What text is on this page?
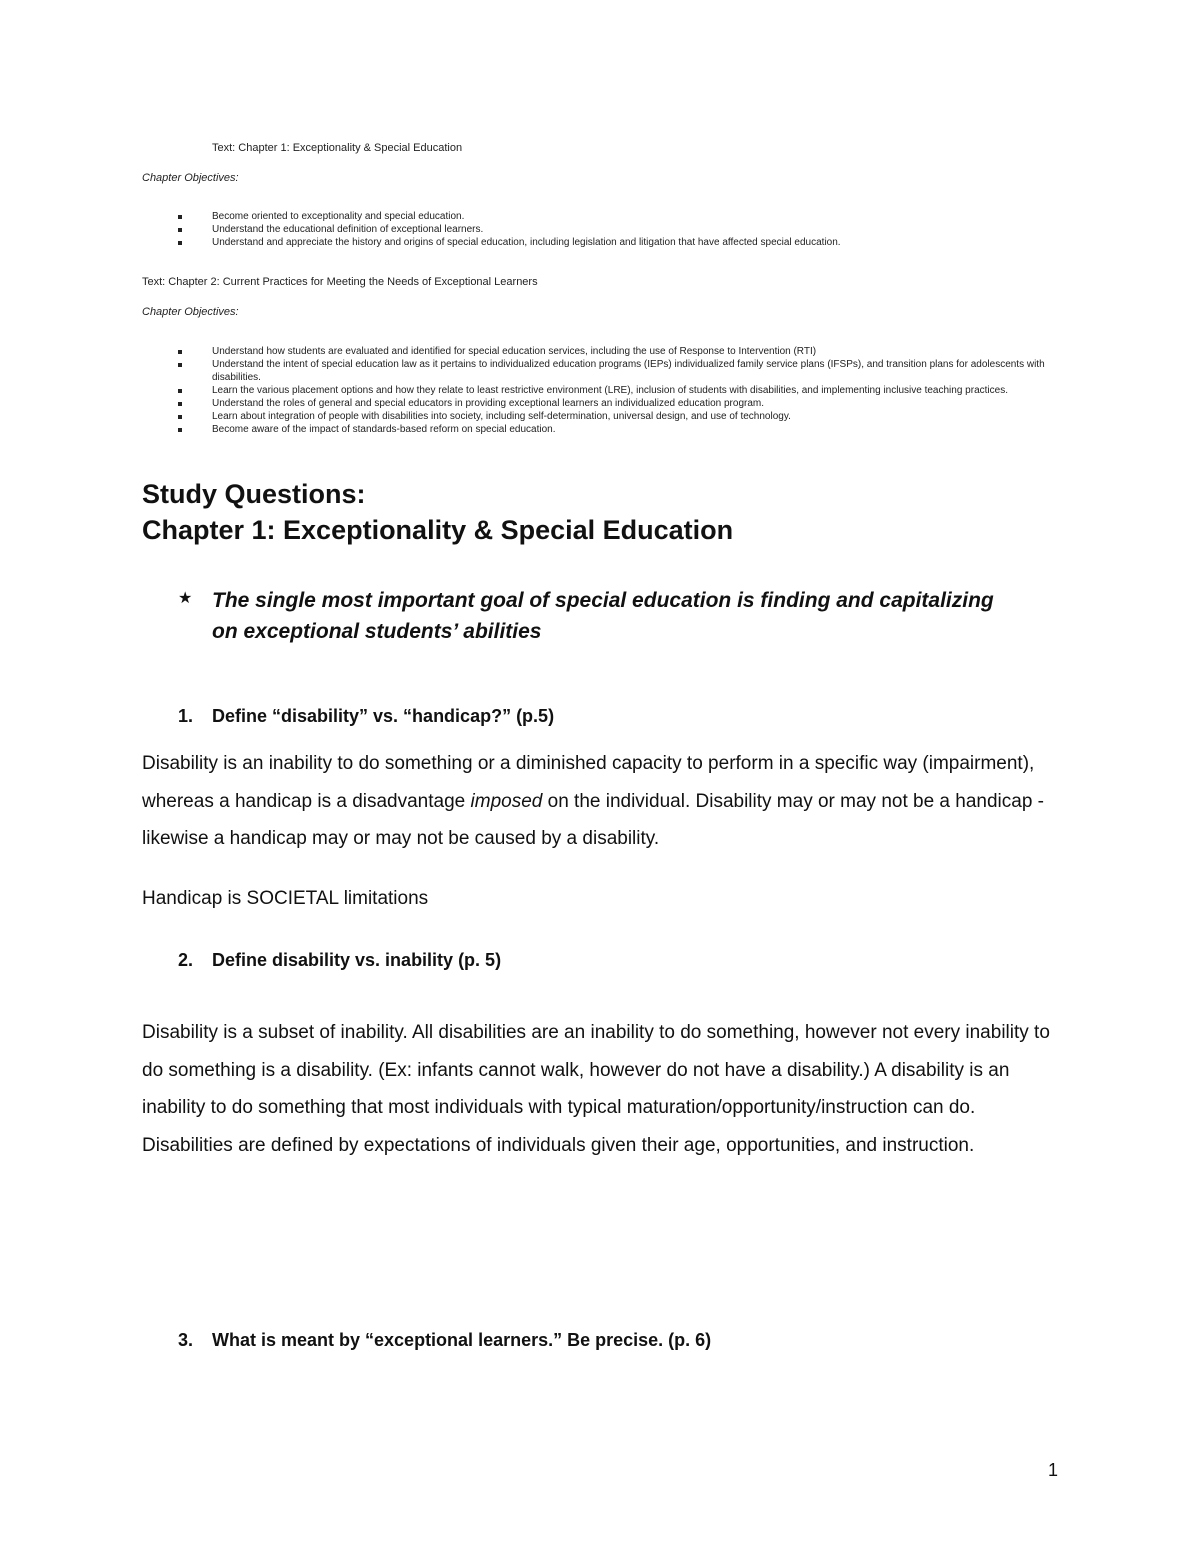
Text: Chapter 1: Exceptionality & Special Education
Chapter Objectives:
Become oriented to exceptionality and special education.
Understand the educational definition of exceptional learners.
Understand and appreciate the history and origins of special education, including legislation and litigation that have affected special education.
Text: Chapter 2: Current Practices for Meeting the Needs of Exceptional Learners
Chapter Objectives:
Understand how students are evaluated and identified for special education services, including the use of Response to Intervention (RTI)
Understand the intent of special education law as it pertains to individualized education programs (IEPs) individualized family service plans (IFSPs), and transition plans for adolescents with disabilities.
Learn the various placement options and how they relate to least restrictive environment (LRE), inclusion of students with disabilities, and implementing inclusive teaching practices.
Understand the roles of general and special educators in providing exceptional learners an individualized education program.
Learn about integration of people with disabilities into society, including self-determination, universal design, and use of technology.
Become aware of the impact of standards-based reform on special education.
Study Questions:
Chapter 1: Exceptionality & Special Education
★ The single most important goal of special education is finding and capitalizing on exceptional students’ abilities
1. Define “disability” vs. “handicap?” (p.5)
Disability is an inability to do something or a diminished capacity to perform in a specific way (impairment), whereas a handicap is a disadvantage imposed on the individual. Disability may or may not be a handicap - likewise a handicap may or may not be caused by a disability.
Handicap is SOCIETAL limitations
2. Define disability vs. inability (p. 5)
Disability is a subset of inability. All disabilities are an inability to do something, however not every inability to do something is a disability. (Ex: infants cannot walk, however do not have a disability.) A disability is an inability to do something that most individuals with typical maturation/opportunity/instruction can do. Disabilities are defined by expectations of individuals given their age, opportunities, and instruction.
3. What is meant by “exceptional learners.” Be precise. (p. 6)
1
